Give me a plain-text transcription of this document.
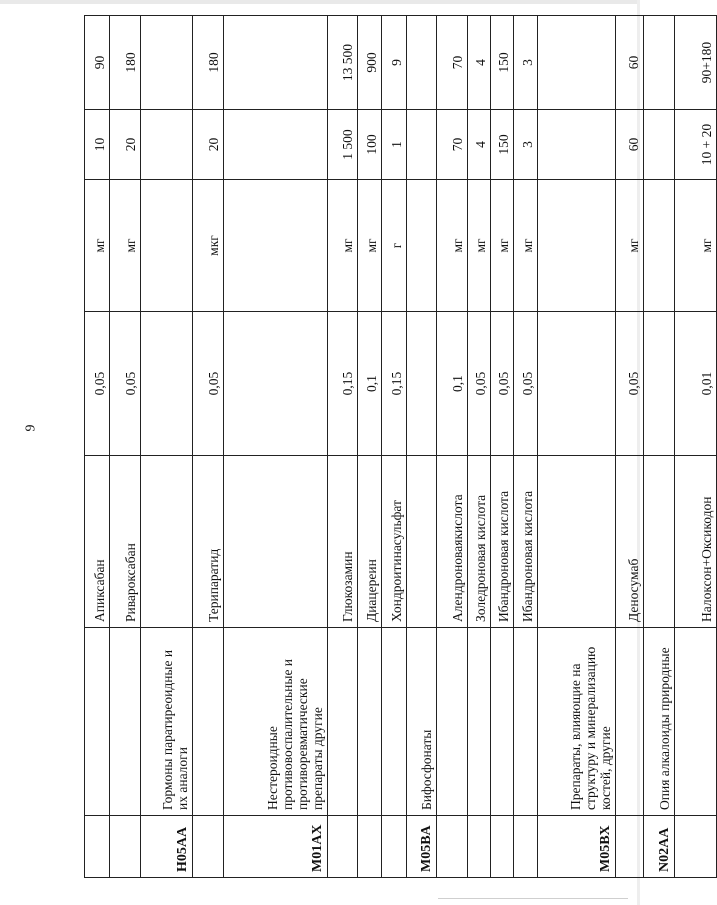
9
		Апиксабан	0,05	мг	10	90
		Ривароксабан	0,05	мг	20	180
H05AA	Гормоны паратиреоидные и их аналоги					
		Терипаратид	0,05	мкг	20	180
M01AX	Нестероидные противовоспалительные и противоревматические препараты другие					
		Глюкозамин	0,15	мг	1 500	13 500
		Диацереин	0,1	мг	100	900
		Хондроитинасульфат	0,15	г	1	9
M05BA	Бифосфонаты					
		Алендроноваякислота	0,1	мг	70	70
		Золедроновая кислота	0,05	мг	4	4
		Ибандроновая кислота	0,05	мг	150	150
		Ибандроновая кислота	0,05	мг	3	3
M05BX	Препараты, влияющие на структуру и минерализацию костей, другие					
		Деносумаб	0,05	мг	60	60
N02AA	Опия алкалоиды природные					
		Налоксон+Оксикодон	0,01	мг	10 + 20	90+180
